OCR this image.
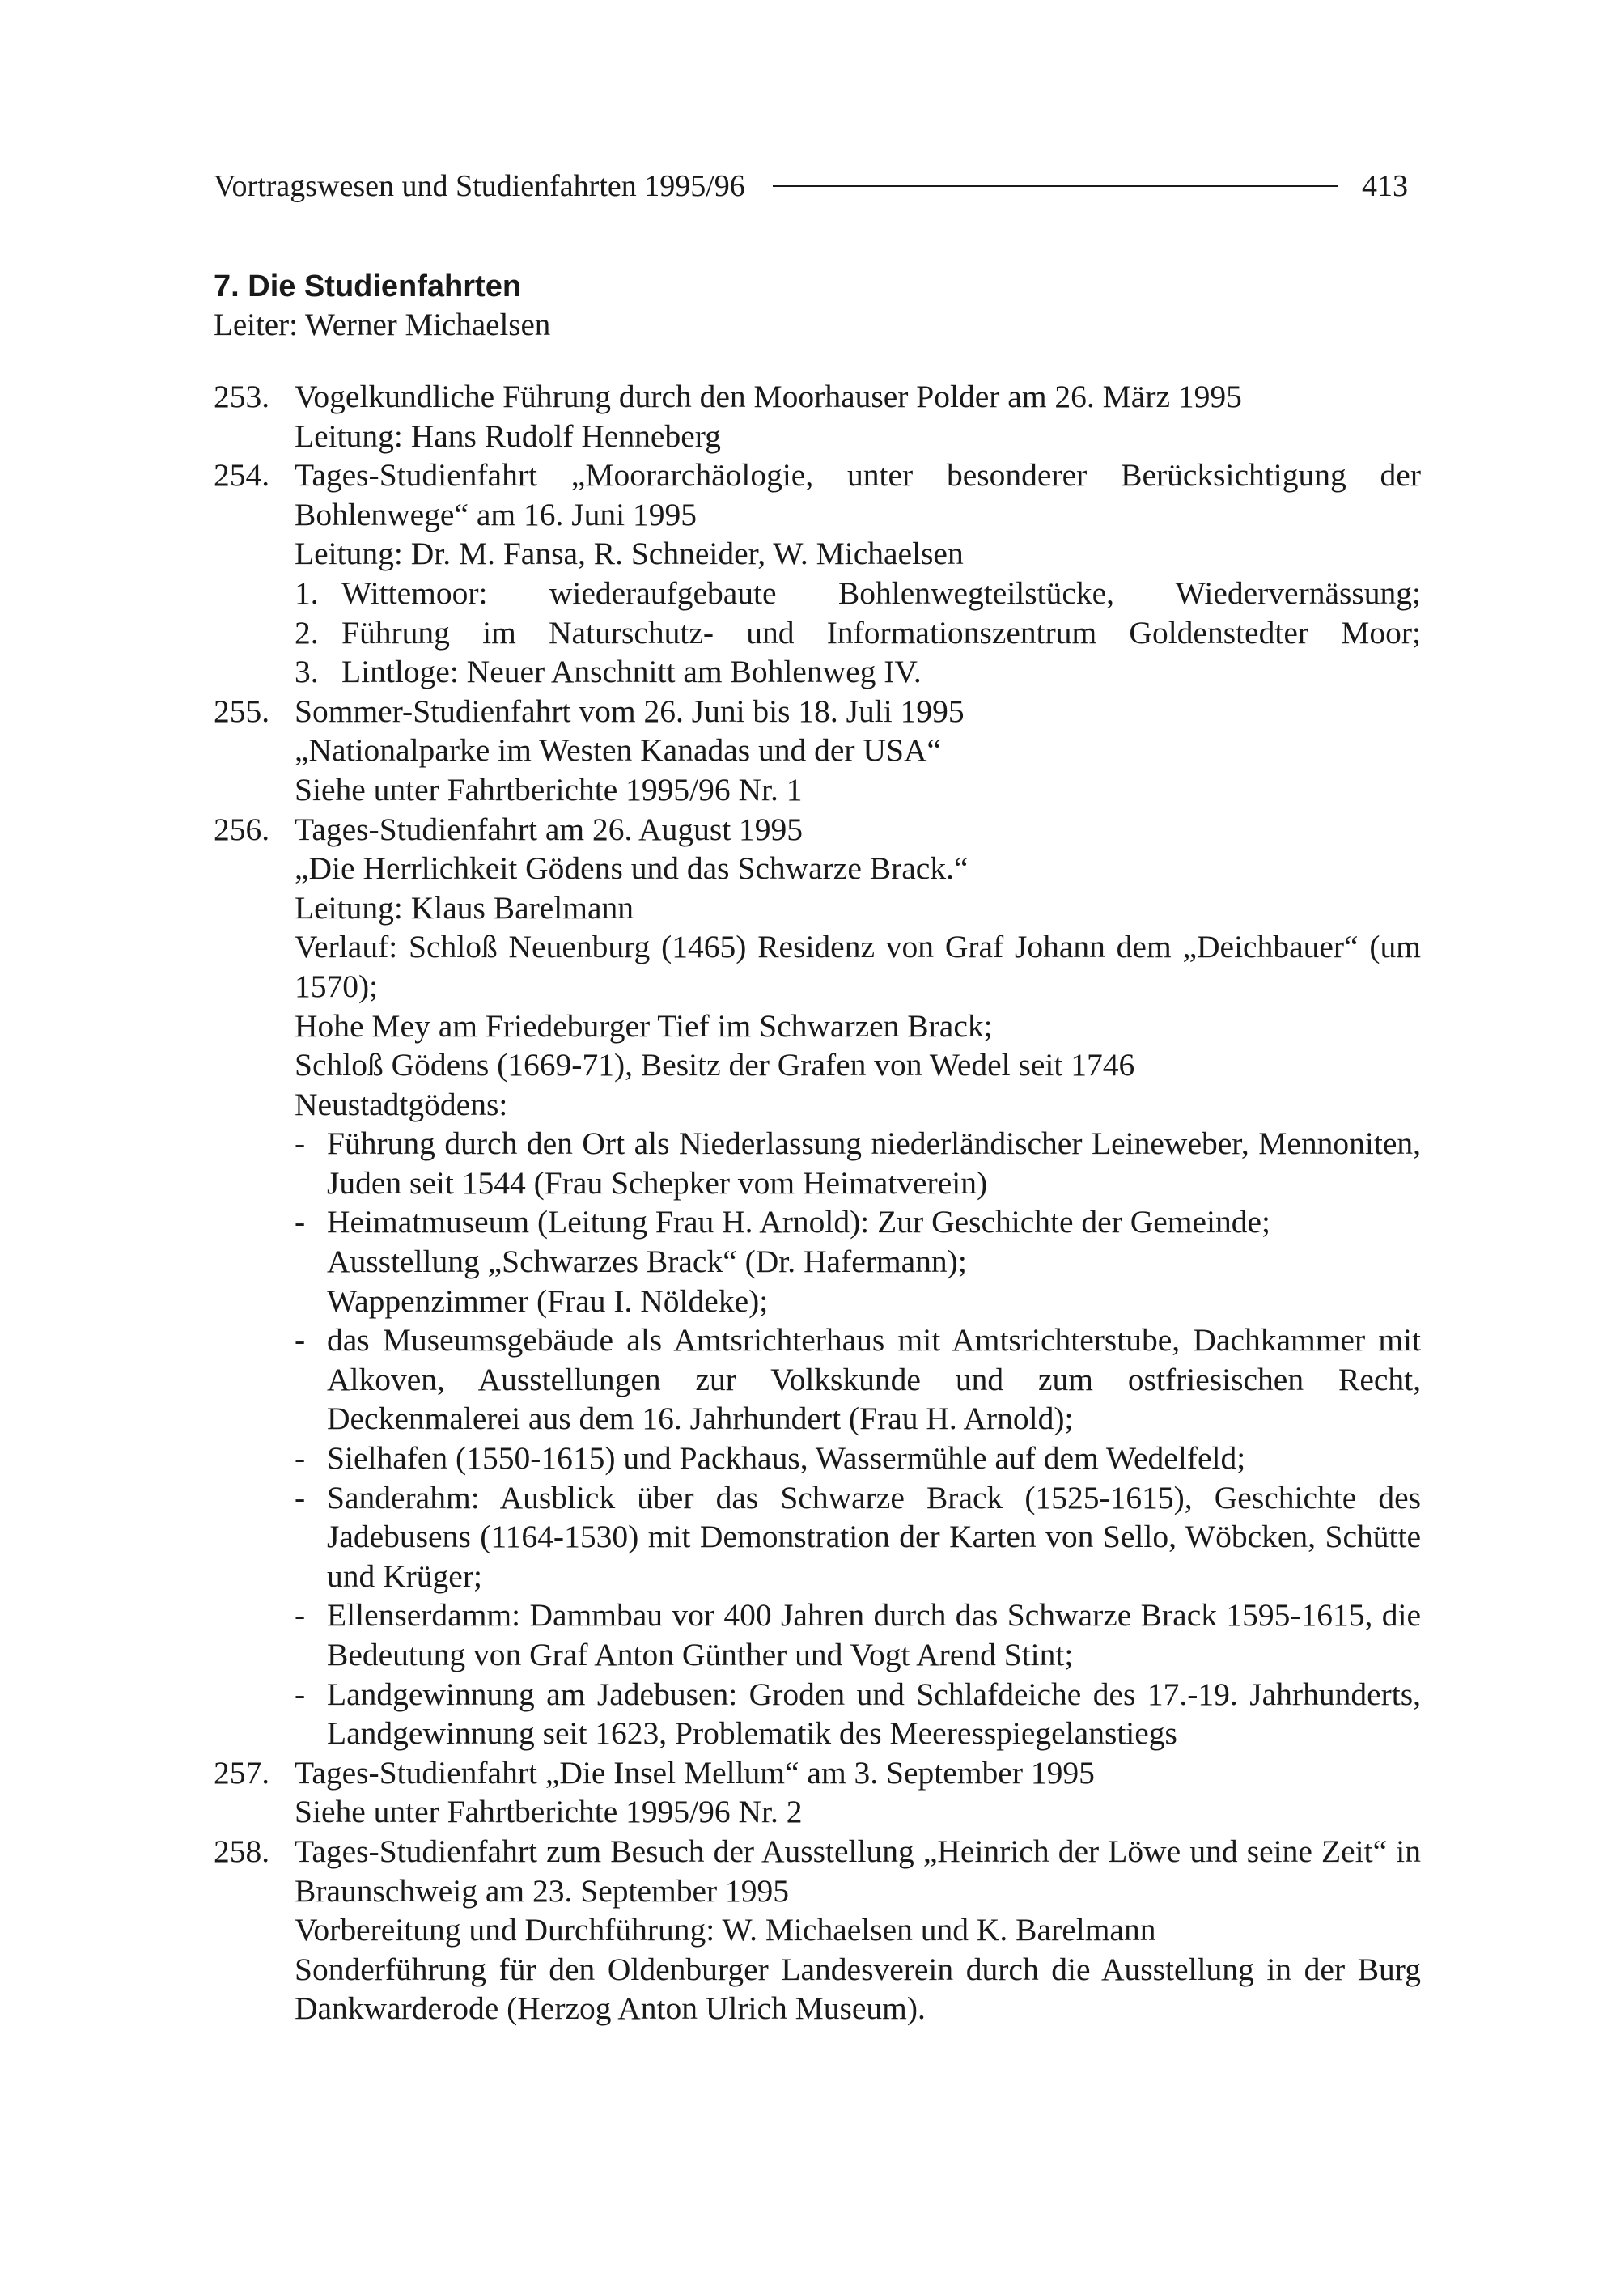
Vortragswesen und Studienfahrten 1995/96	413
7. Die Studienfahrten
Leiter: Werner Michaelsen
253. Vogelkundliche Führung durch den Moorhauser Polder am 26. März 1995
Leitung: Hans Rudolf Henneberg
254. Tages-Studienfahrt „Moorarchäologie, unter besonderer Berücksichtigung der Bohlenwege“ am 16. Juni 1995
Leitung: Dr. M. Fansa, R. Schneider, W. Michaelsen
1. Wittemoor: wiederaufgebaute Bohlenwegteilstücke, Wiedervernässung;
2. Führung im Naturschutz- und Informationszentrum Goldenstedter Moor;
3. Lintloge: Neuer Anschnitt am Bohlenweg IV.
255. Sommer-Studienfahrt vom 26. Juni bis 18. Juli 1995
„Nationalparke im Westen Kanadas und der USA“
Siehe unter Fahrtberichte 1995/96 Nr. 1
256. Tages-Studienfahrt am 26. August 1995
„Die Herrlichkeit Gödens und das Schwarze Brack.“
Leitung: Klaus Barelmann
Verlauf: Schloß Neuenburg (1465) Residenz von Graf Johann dem „Deichbauer“ (um 1570);
Hohe Mey am Friedeburger Tief im Schwarzen Brack;
Schloß Gödens (1669-71), Besitz der Grafen von Wedel seit 1746
Neustadtgödens:
- Führung durch den Ort als Niederlassung niederländischer Leineweber, Mennoniten, Juden seit 1544 (Frau Schepker vom Heimatverein)
- Heimatmuseum (Leitung Frau H. Arnold): Zur Geschichte der Gemeinde;
Ausstellung „Schwarzes Brack“ (Dr. Hafermann);
Wappenzimmer (Frau I. Nöldeke);
- das Museumsgebäude als Amtsrichterhaus mit Amtsrichterstube, Dachkammer mit Alkoven, Ausstellungen zur Volkskunde und zum ostfriesischen Recht, Deckenmalerei aus dem 16. Jahrhundert (Frau H. Arnold);
- Sielhafen (1550-1615) und Packhaus, Wassermühle auf dem Wedelfeld;
- Sanderahm: Ausblick über das Schwarze Brack (1525-1615), Geschichte des Jadebusens (1164-1530) mit Demonstration der Karten von Sello, Wöbcken, Schütte und Krüger;
- Ellenserdamm: Dammbau vor 400 Jahren durch das Schwarze Brack 1595-1615, die Bedeutung von Graf Anton Günther und Vogt Arend Stint;
- Landgewinnung am Jadebusen: Groden und Schlafdeiche des 17.-19. Jahrhunderts, Landgewinnung seit 1623, Problematik des Meeresspiegelanstiegs
257. Tages-Studienfahrt „Die Insel Mellum“ am 3. September 1995
Siehe unter Fahrtberichte 1995/96 Nr. 2
258. Tages-Studienfahrt zum Besuch der Ausstellung „Heinrich der Löwe und seine Zeit“ in Braunschweig am 23. September 1995
Vorbereitung und Durchführung: W. Michaelsen und K. Barelmann
Sonderführung für den Oldenburger Landesverein durch die Ausstellung in der Burg Dankwarderode (Herzog Anton Ulrich Museum).
